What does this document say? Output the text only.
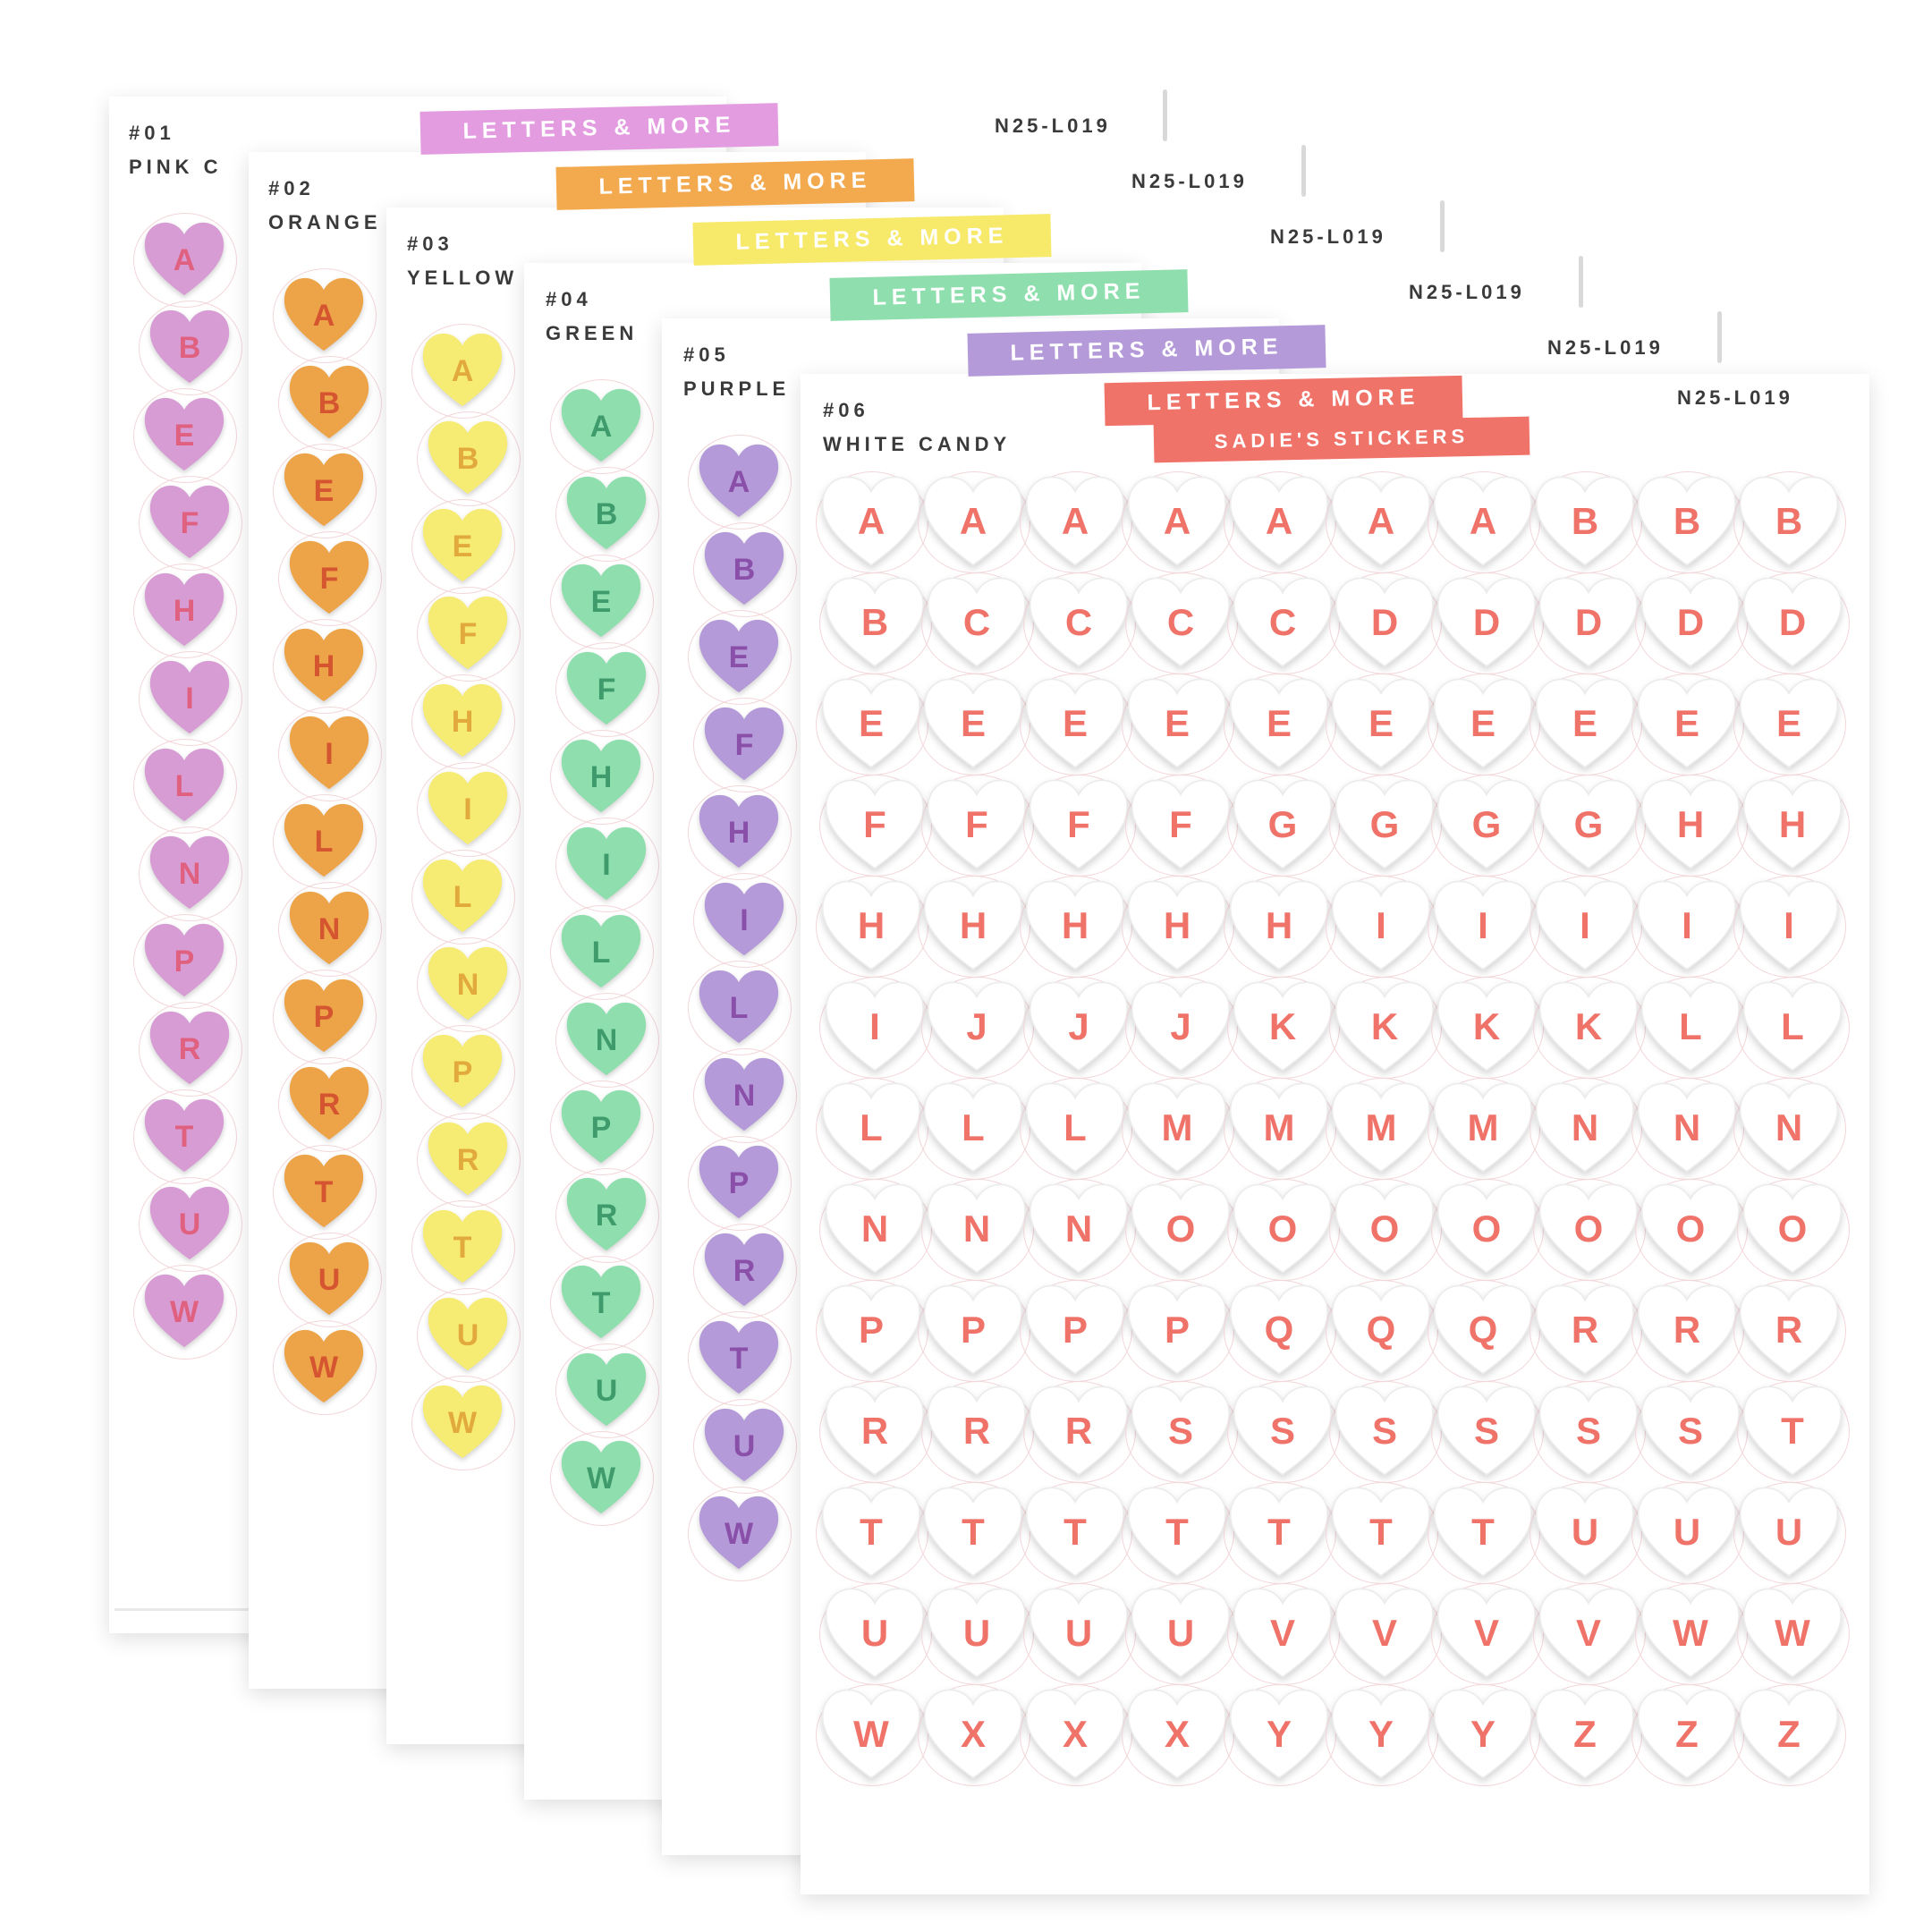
#01
PINK C
A
B
E
F
H
I
L
N
P
R
T
U
W
#02
ORANGE
A
B
E
F
H
I
L
N
P
R
T
U
W
#03
YELLOW
A
B
E
F
H
I
L
N
P
R
T
U
W
#04
GREEN
A
B
E
F
H
I
L
N
P
R
T
U
W
#05
PURPLE
A
B
E
F
H
I
L
N
P
R
T
U
W
#06
WHITE CANDY
N25-L019
LETTERS & MORE
LETTERS & MORE
LETTERS & MORE
LETTERS & MORE
LETTERS & MORE
LETTERS & MORE
SADIE'S STICKERS
N25-L019
N25-L019
N25-L019
N25-L019
N25-L019
A A A A A A A B B B
B C C C C D D D D D
E E E E E E E E E E
F F F F G G G G H H
H H H H H I I I I I
I J J J K K K K L L
L L L M M M M N N N
N N N O O O O O O O
P P P P Q Q Q R R R
R R R S S S S S S T
T T T T T T T U U U
U U U U V V V V W W
W X X X Y Y Y Z Z Z
